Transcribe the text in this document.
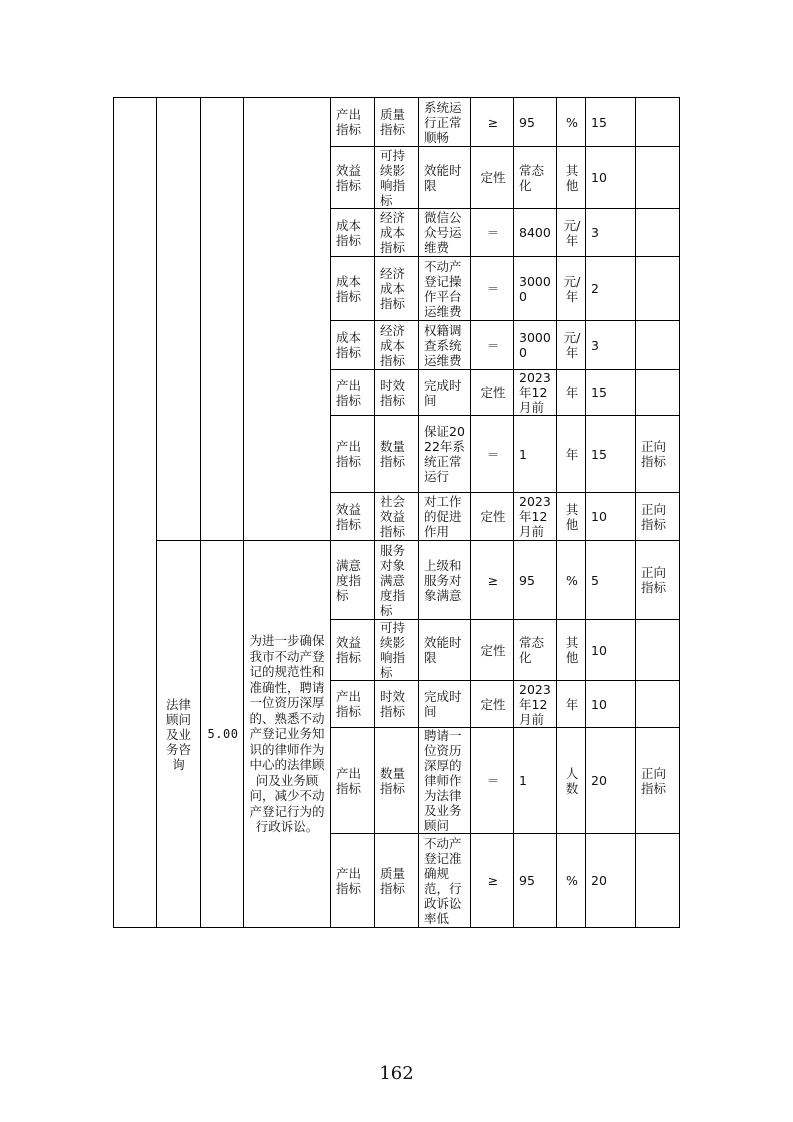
				产出指标	质量指标	系统运行正常顺畅	≥	95	%	15	
				效益指标	可持续影响指标	效能时限	定性	常态化	其他	10	
				成本指标	经济成本指标	微信公众号运维费	＝	8400	元/年	3	
				成本指标	经济成本指标	不动产登记操作平台运维费	＝	30000	元/年	2	
				成本指标	经济成本指标	权籍调查系统运维费	＝	30000	元/年	3	
				产出指标	时效指标	完成时间	定性	2023年12月前	年	15	
				产出指标	数量指标	保证2022年系统正常运行	＝	1	年	15	正向指标
				效益指标	社会效益指标	对工作的促进作用	定性	2023年12月前	其他	10	正向指标
	法律顾问及业务咨询	5.00	为进一步确保我市不动产登记的规范性和准确性，聘请一位资历深厚的、熟悉不动产登记业务知识的律师作为中心的法律顾问及业务顾问，减少不动产登记行为的行政诉讼。	满意度指标	服务对象满意度指标	上级和服务对象满意	≥	95	%	5	正向指标
				效益指标	可持续影响指标	效能时限	定性	常态化	其他	10	
				产出指标	时效指标	完成时间	定性	2023年12月前	年	10	
				产出指标	数量指标	聘请一位资历深厚的律师作为法律及业务顾问	＝	1	人数	20	正向指标
				产出指标	质量指标	不动产登记准确规范，行政诉讼率低	≥	95	%	20	
162
